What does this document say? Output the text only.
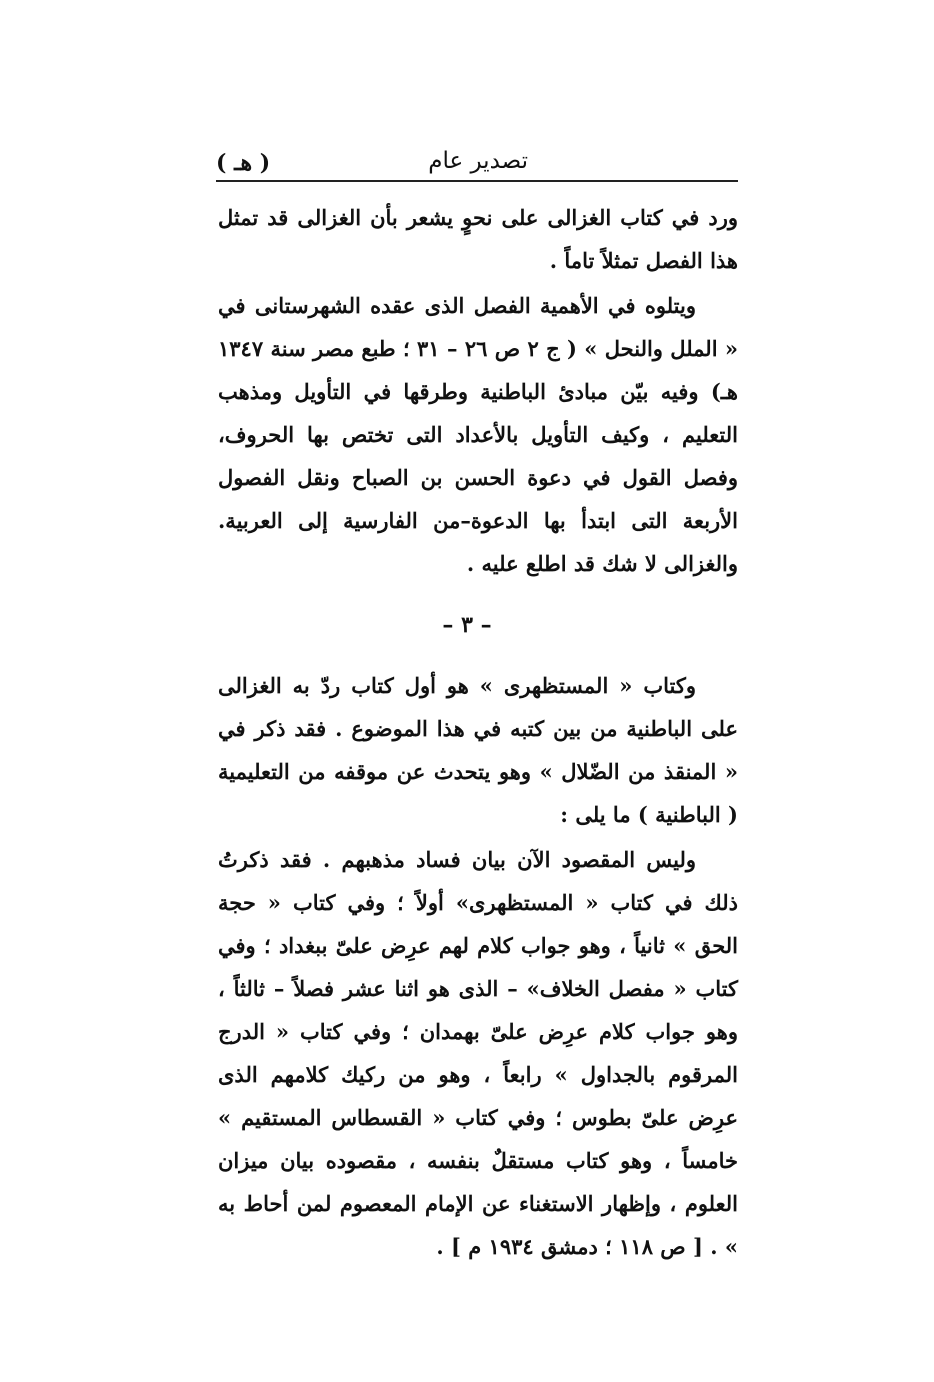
تصدير عام
( هـ )

ورد في كتاب الغزالى على نحوٍ يشعر بأن الغزالى قد تمثل هذا الفصل تمثلاً تاماً .

ويتلوه في الأهمية الفصل الذى عقده الشهرستانى في « الملل والنحل » ( ج ٢ ص ٢٦ – ٣١ ؛ طبع مصر سنة ١٣٤٧ هـ) وفيه بيّن مبادئ الباطنية وطرقها في التأويل ومذهب التعليم ، وكيف التأويل بالأعداد التى تختص بها الحروف، وفصل القول في دعوة الحسن بن الصباح ونقل الفصول الأربعة التى ابتدأ بها الدعوة–من الفارسية إلى العربية. والغزالى لا شك قد اطلع عليه .

– ٣ –

وكتاب « المستظهرى » هو أول كتاب ردّ به الغزالى على الباطنية من بين كتبه في هذا الموضوع . فقد ذكر في « المنقذ من الضّلال » وهو يتحدث عن موقفه من التعليمية ( الباطنية ) ما يلى :

وليس المقصود الآن بيان فساد مذهبهم . فقد ذكرتُ ذلك في كتاب « المستظهرى» أولاً ؛ وفي كتاب « حجة الحق » ثانياً ، وهو جواب كلام لهم عرِض علىّ ببغداد ؛ وفي كتاب « مفصل الخلاف» – الذى هو اثنا عشر فصلاً – ثالثاً ، وهو جواب كلام عرِض علىّ بهمدان ؛ وفي كتاب « الدرج المرقوم بالجداول » رابعاً ، وهو من ركيك كلامهم الذى عرِض علىّ بطوس ؛ وفي كتاب « القسطاس المستقيم » خامساً ، وهو كتاب مستقلٌ بنفسه ، مقصوده بيان ميزان العلوم ، وإظهار الاستغناء عن الإمام المعصوم لمن أحاط به » . [ ص ١١٨ ؛ دمشق ١٩٣٤ م ] .
